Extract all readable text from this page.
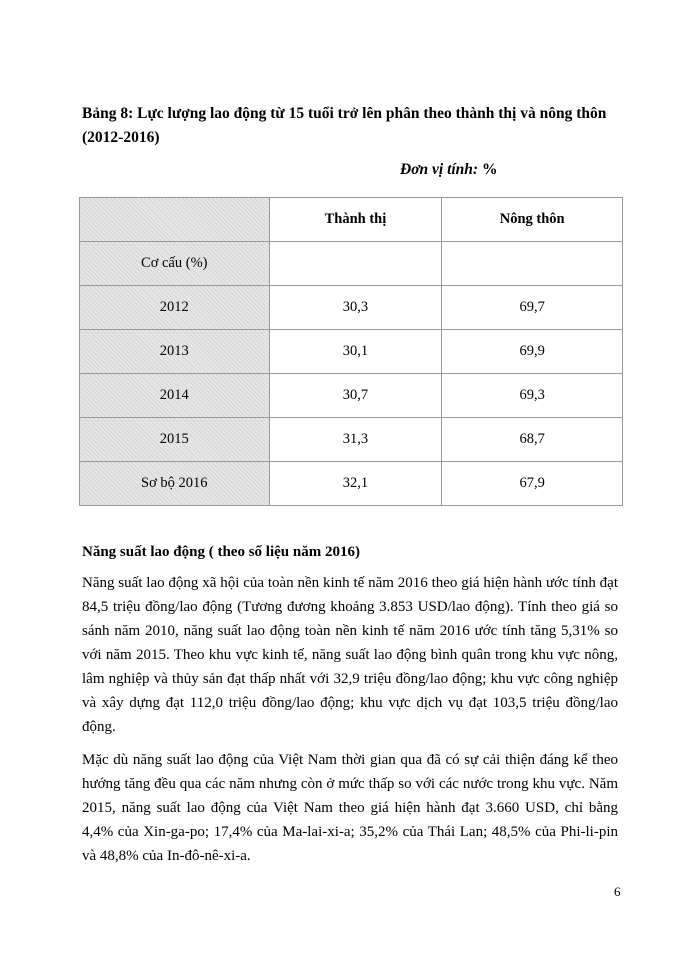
Bảng 8: Lực lượng lao động từ 15 tuổi trở lên phân theo thành thị và nông thôn (2012-2016)
Đơn vị tính: %
	Thành thị	Nông thôn
Cơ cấu (%)		
2012	30,3	69,7
2013	30,1	69,9
2014	30,7	69,3
2015	31,3	68,7
Sơ bộ 2016	32,1	67,9
Năng suất lao động ( theo số liệu năm 2016)

Năng suất lao động xã hội của toàn nền kinh tế năm 2016 theo giá hiện hành ước tính đạt 84,5 triệu đồng/lao động (Tương đương khoảng 3.853 USD/lao động). Tính theo giá so sánh năm 2010, năng suất lao động toàn nền kinh tế năm 2016 ước tính tăng 5,31% so với năm 2015. Theo khu vực kinh tế, năng suất lao động bình quân trong khu vực nông, lâm nghiệp và thủy sản đạt thấp nhất với 32,9 triệu đồng/lao động; khu vực công nghiệp và xây dựng đạt 112,0 triệu đồng/lao động; khu vực dịch vụ đạt 103,5 triệu đồng/lao động.

Mặc dù năng suất lao động của Việt Nam thời gian qua đã có sự cải thiện đáng kể theo hướng tăng đều qua các năm nhưng còn ở mức thấp so với các nước trong khu vực. Năm 2015, năng suất lao động của Việt Nam theo giá hiện hành đạt 3.660 USD, chỉ bằng 4,4% của Xin-ga-po; 17,4% của Ma-lai-xi-a; 35,2% của Thái Lan; 48,5% của Phi-li-pin và 48,8% của In-đô-nê-xi-a.

6
